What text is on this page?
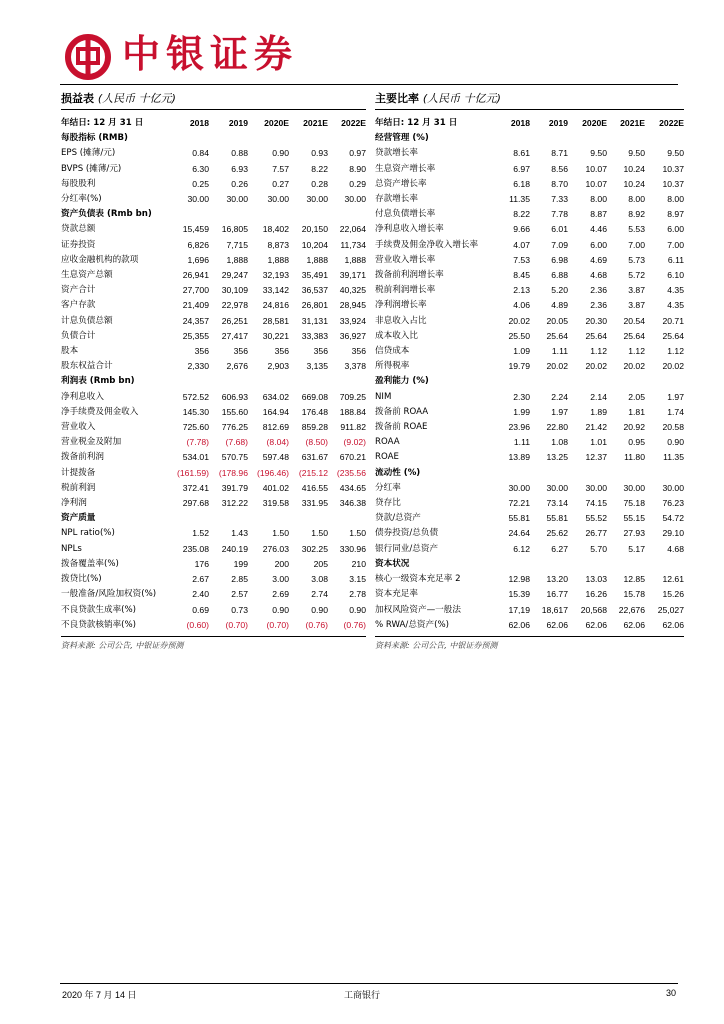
中银证券
损益表 (人民币 十亿元)
年结日: 12 月 31 日	2018	2019	2020E	2021E	2022E
每股指标 (RMB)					
EPS (摊薄/元)	0.84	0.88	0.90	0.93	0.97
BVPS (摊薄/元)	6.30	6.93	7.57	8.22	8.90
每股股利	0.25	0.26	0.27	0.28	0.29
分红率(%)	30.00	30.00	30.00	30.00	30.00
资产负债表 (Rmb bn)					
贷款总额	15,459	16,805	18,402	20,150	22,064
证券投资	6,826	7,715	8,873	10,204	11,734
应收金融机构的款项	1,696	1,888	1,888	1,888	1,888
生息资产总额	26,941	29,247	32,193	35,491	39,171
资产合计	27,700	30,109	33,142	36,537	40,325
客户存款	21,409	22,978	24,816	26,801	28,945
计息负债总额	24,357	26,251	28,581	31,131	33,924
负债合计	25,355	27,417	30,221	33,383	36,927
股本	356	356	356	356	356
股东权益合计	2,330	2,676	2,903	3,135	3,378
利润表 (Rmb bn)					
净利息收入	572.52	606.93	634.02	669.08	709.25
净手续费及佣金收入	145.30	155.60	164.94	176.48	188.84
营业收入	725.60	776.25	812.69	859.28	911.82
营业税金及附加	(7.78)	(7.68)	(8.04)	(8.50)	(9.02)
拨备前利润	534.01	570.75	597.48	631.67	670.21
计提拨备	(161.59)	(178.96	(196.46)	(215.12	(235.56
税前利润	372.41	391.79	401.02	416.55	434.65
净利润	297.68	312.22	319.58	331.95	346.38
资产质量					
NPL ratio(%)	1.52	1.43	1.50	1.50	1.50
NPLs	235.08	240.19	276.03	302.25	330.96
拨备覆盖率(%)	176	199	200	205	210
拨贷比(%)	2.67	2.85	3.00	3.08	3.15
一般准备/风险加权资(%)	2.40	2.57	2.69	2.74	2.78
不良贷款生成率(%)	0.69	0.73	0.90	0.90	0.90
不良贷款核销率(%)	(0.60)	(0.70)	(0.70)	(0.76)	(0.76)
资料来源: 公司公告, 中银证券预测
主要比率 (人民币 十亿元)
年结日: 12 月 31 日	2018	2019	2020E	2021E	2022E
经营管理 (%)					
贷款增长率	8.61	8.71	9.50	9.50	9.50
生息资产增长率	6.97	8.56	10.07	10.24	10.37
总资产增长率	6.18	8.70	10.07	10.24	10.37
存款增长率	11.35	7.33	8.00	8.00	8.00
付息负债增长率	8.22	7.78	8.87	8.92	8.97
净利息收入增长率	9.66	6.01	4.46	5.53	6.00
手续费及佣金净收入增长率	4.07	7.09	6.00	7.00	7.00
营业收入增长率	7.53	6.98	4.69	5.73	6.11
拨备前利润增长率	8.45	6.88	4.68	5.72	6.10
税前利润增长率	2.13	5.20	2.36	3.87	4.35
净利润增长率	4.06	4.89	2.36	3.87	4.35
非息收入占比	20.02	20.05	20.30	20.54	20.71
成本收入比	25.50	25.64	25.64	25.64	25.64
信贷成本	1.09	1.11	1.12	1.12	1.12
所得税率	19.79	20.02	20.02	20.02	20.02
盈利能力 (%)					
NIM	2.30	2.24	2.14	2.05	1.97
拨备前 ROAA	1.99	1.97	1.89	1.81	1.74
拨备前 ROAE	23.96	22.80	21.42	20.92	20.58
ROAA	1.11	1.08	1.01	0.95	0.90
ROAE	13.89	13.25	12.37	11.80	11.35
流动性 (%)					
分红率	30.00	30.00	30.00	30.00	30.00
贷存比	72.21	73.14	74.15	75.18	76.23
贷款/总资产	55.81	55.81	55.52	55.15	54.72
债券投资/总负债	24.64	25.62	26.77	27.93	29.10
银行同业/总资产	6.12	6.27	5.70	5.17	4.68
资本状况					
核心一级资本充足率 2	12.98	13.20	13.03	12.85	12.61
资本充足率	15.39	16.77	16.26	15.78	15.26
加权风险资产—一般法	17,19	18,617	20,568	22,676	25,027
% RWA/总资产(%)	62.06	62.06	62.06	62.06	62.06
资料来源: 公司公告, 中银证券预测
2020 年 7 月 14 日	工商银行	30
